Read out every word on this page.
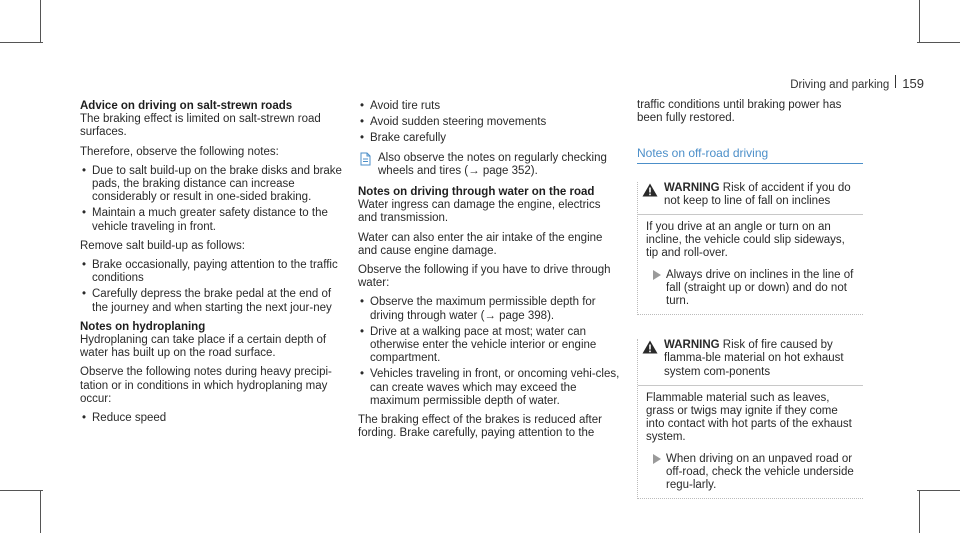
Driving and parking 159
Advice on driving on salt-strewn roads

The braking effect is limited on salt-strewn road surfaces.

Therefore, observe the following notes:

• Due to salt build-up on the brake disks and brake pads, the braking distance can increase considerably or result in one-sided braking.
• Maintain a much greater safety distance to the vehicle traveling in front.

Remove salt build-up as follows:

• Brake occasionally, paying attention to the traffic conditions
• Carefully depress the brake pedal at the end of the journey and when starting the next jour-ney
Notes on hydroplaning

Hydroplaning can take place if a certain depth of water has built up on the road surface.

Observe the following notes during heavy precipi-tation or in conditions in which hydroplaning may occur:

• Reduce speed
• Avoid tire ruts
• Avoid sudden steering movements
• Brake carefully
Also observe the notes on regularly checking wheels and tires (→ page 352).
Notes on driving through water on the road

Water ingress can damage the engine, electrics and transmission.

Water can also enter the air intake of the engine and cause engine damage.

Observe the following if you have to drive through water:

• Observe the maximum permissible depth for driving through water (→ page 398).
• Drive at a walking pace at most; water can otherwise enter the vehicle interior or engine compartment.
• Vehicles traveling in front, or oncoming vehi-cles, can create waves which may exceed the maximum permissible depth of water.

The braking effect of the brakes is reduced after fording. Brake carefully, paying attention to the

traffic conditions until braking power has been fully restored.

Notes on off-road driving
WARNING Risk of accident if you do not keep to line of fall on inclines
If you drive at an angle or turn on an incline, the vehicle could slip sideways, tip and roll-over.
Always drive on inclines in the line of fall (straight up or down) and do not turn.
WARNING Risk of fire caused by flamma-ble material on hot exhaust system com-ponents
Flammable material such as leaves, grass or twigs may ignite if they come into contact with hot parts of the exhaust system.
When driving on an unpaved road or off-road, check the vehicle underside regu-larly.
